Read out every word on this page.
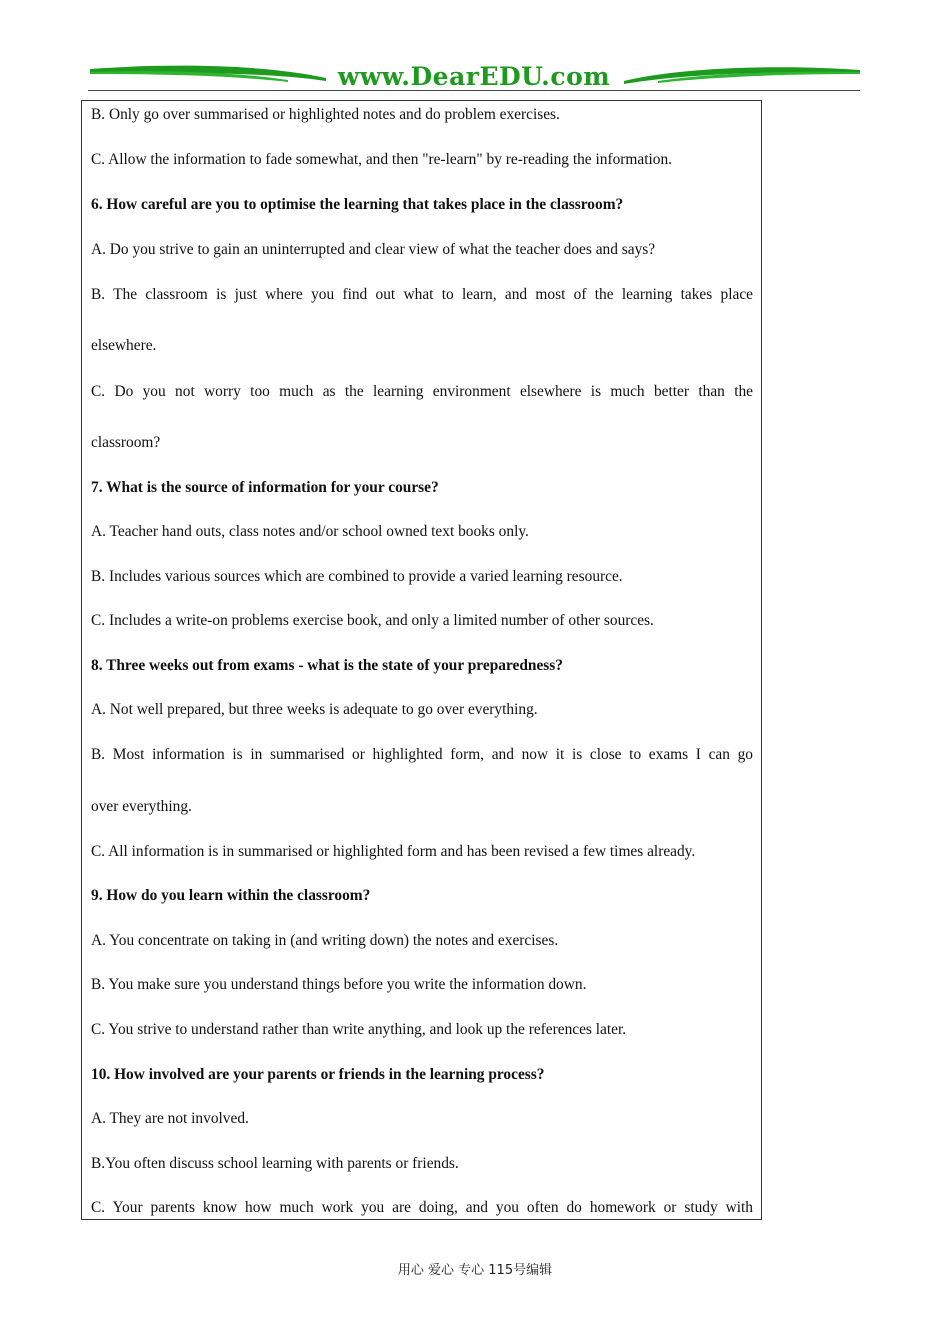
www.DearEDU.com
B. Only go over summarised or highlighted notes and do problem exercises.
C. Allow the information to fade somewhat, and then "re-learn" by re-reading the information.
6. How careful are you to optimise the learning that takes place in the classroom?
A. Do you strive to gain an uninterrupted and clear view of what the teacher does and says?
B. The classroom is just where you find out what to learn, and most of the learning takes place
elsewhere.
C. Do you not worry too much as the learning environment elsewhere is much better than the
classroom?
7. What is the source of information for your course?
A. Teacher hand outs, class notes and/or school owned text books only.
B. Includes various sources which are combined to provide a varied learning resource.
C. Includes a write-on problems exercise book, and only a limited number of other sources.
8. Three weeks out from exams - what is the state of your preparedness?
A. Not well prepared, but three weeks is adequate to go over everything.
B. Most information is in summarised or highlighted form, and now it is close to exams I can go
over everything.
C. All information is in summarised or highlighted form and has been revised a few times already.
9. How do you learn within the classroom?
A. You concentrate on taking in (and writing down) the notes and exercises.
B. You make sure you understand things before you write the information down.
C. You strive to understand rather than write anything, and look up the references later.
10. How involved are your parents or friends in the learning process?
A. They are not involved.
B.You often discuss school learning with parents or friends.
C. Your parents know how much work you are doing, and you often do homework or study with
用心 爱心 专心 115号编辑
